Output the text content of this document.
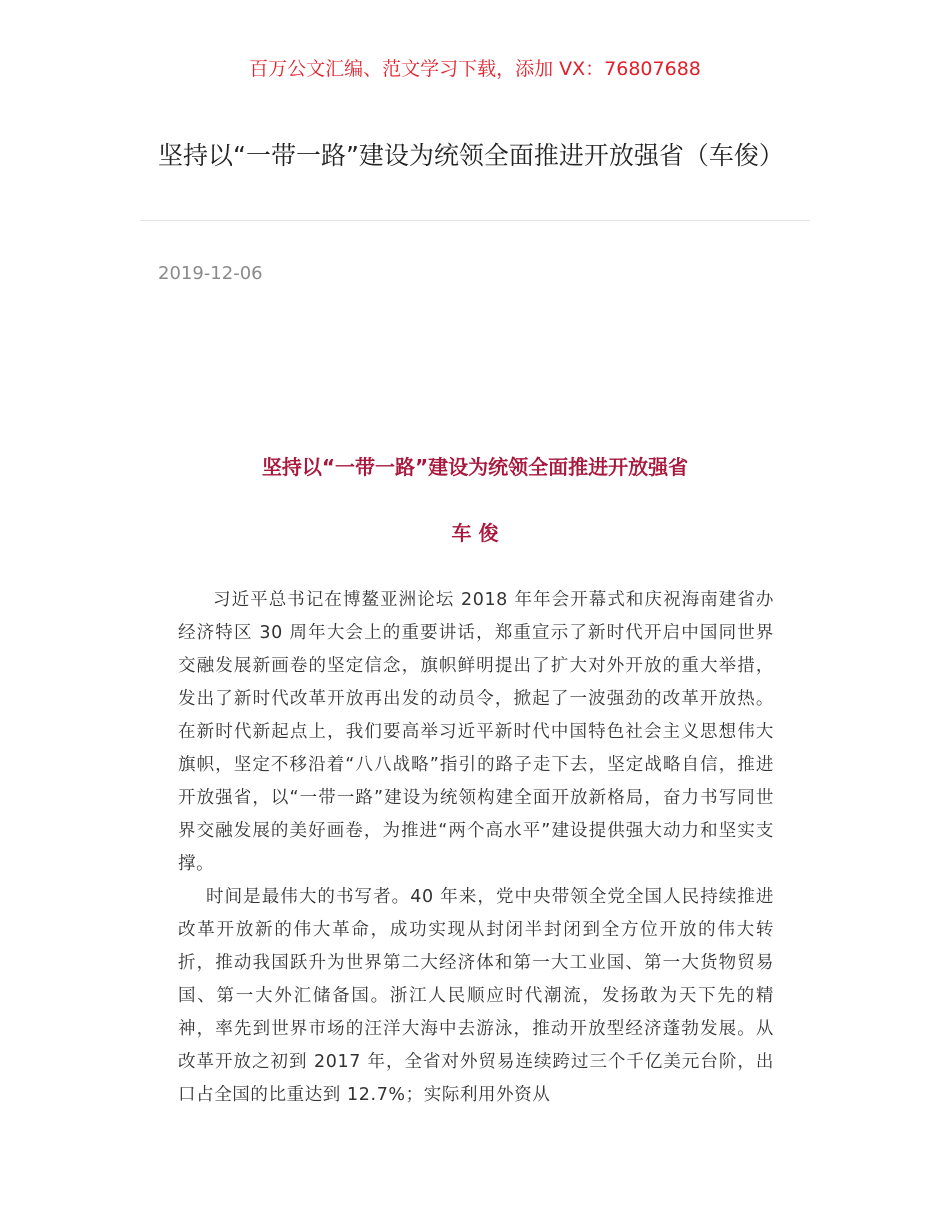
百万公文汇编、范文学习下载，添加 VX：76807688
坚持以“一带一路”建设为统领全面推进开放强省（车俊）
2019-12-06
坚持以“一带一路”建设为统领全面推进开放强省
车 俊

习近平总书记在博鳌亚洲论坛 2018 年年会开幕式和庆祝海南建省办经济特区 30 周年大会上的重要讲话，郑重宣示了新时代开启中国同世界交融发展新画卷的坚定信念，旗帜鲜明提出了扩大对外开放的重大举措，发出了新时代改革开放再出发的动员令，掀起了一波强劲的改革开放热。在新时代新起点上，我们要高举习近平新时代中国特色社会主义思想伟大旗帜，坚定不移沿着“八八战略”指引的路子走下去，坚定战略自信，推进开放强省，以“一带一路”建设为统领构建全面开放新格局，奋力书写同世界交融发展的美好画卷，为推进“两个高水平”建设提供强大动力和坚实支撑。

时间是最伟大的书写者。40 年来，党中央带领全党全国人民持续推进改革开放新的伟大革命，成功实现从封闭半封闭到全方位开放的伟大转折，推动我国跃升为世界第二大经济体和第一大工业国、第一大货物贸易国、第一大外汇储备国。浙江人民顺应时代潮流，发扬敢为天下先的精神，率先到世界市场的汪洋大海中去游泳，推动开放型经济蓬勃发展。从改革开放之初到 2017 年，全省对外贸易连续跨过三个千亿美元台阶，出口占全国的比重达到 12.7%；实际利用外资从
